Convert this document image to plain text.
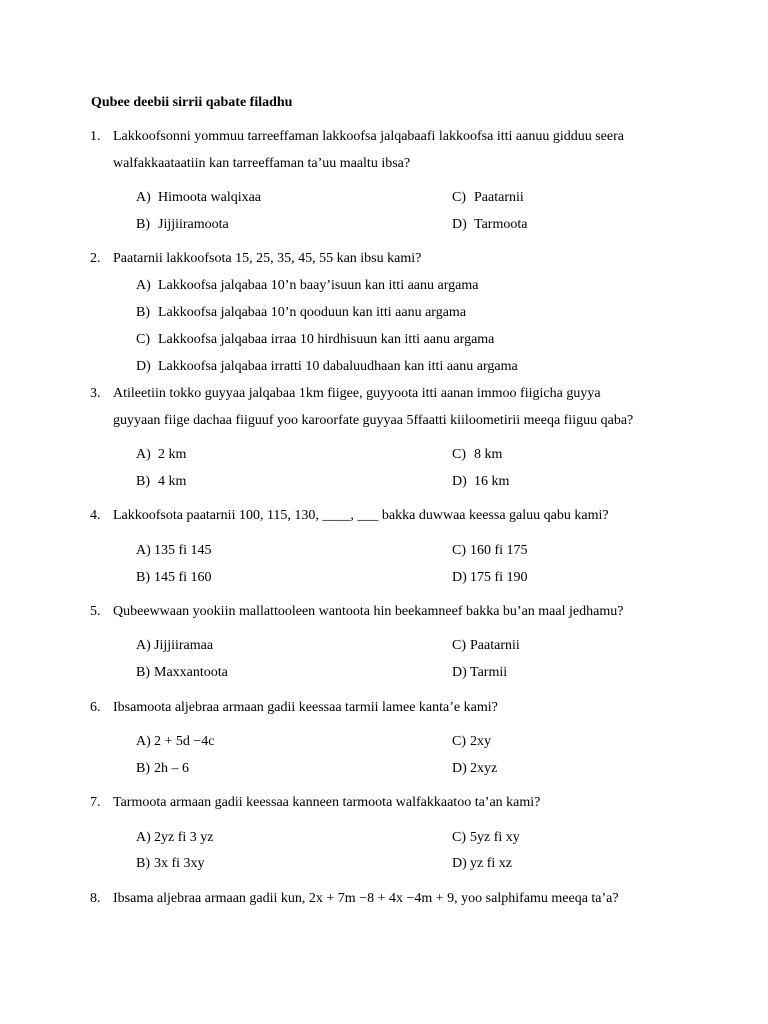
Qubee deebii sirrii qabate filadhu
1. Lakkoofsonni yommuu tarreeffaman lakkoofsa jalqabaafi lakkoofsa itti aanuu gidduu seera
walfakkaataatiin kan tarreeffaman ta’uu maaltu ibsa?
A) Himoota walqixaa
B) Jijjiiramoota
C) Paatarnii
D) Tarmoota
2. Paatarnii lakkoofsota 15, 25, 35, 45, 55 kan ibsu kami?
A) Lakkoofsa jalqabaa 10’n baay’isuun kan itti aanu argama
B) Lakkoofsa jalqabaa 10’n qooduun kan itti aanu argama
C) Lakkoofsa jalqabaa irraa 10 hirdhisuun kan itti aanu argama
D) Lakkoofsa jalqabaa irratti 10 dabaluudhaan kan itti aanu argama
3. Atileetiin tokko guyyaa jalqabaa 1km fiigee, guyyoota itti aanan immoo fiigicha guyya
guyyaan fiige dachaa fiiguuf yoo karoorfate guyyaa 5ffaatti kiiloometirii meeqa fiiguu qaba?
A) 2 km
B) 4 km
C) 8 km
D) 16 km
4. Lakkoofsota paatarnii 100, 115, 130, ____, ___ bakka duwwaa keessa galuu qabu kami?
A) 135 fi 145
B) 145 fi 160
C) 160 fi 175
D) 175 fi 190
5. Qubeewwaan yookiin mallattooleen wantoota hin beekamneef bakka bu’an maal jedhamu?
A) Jijjiiramaa
B) Maxxantoota
C) Paatarnii
D) Tarmii
6. Ibsamoota aljebraa armaan gadii keessaa tarmii lamee kanta’e kami?
A) 2 + 5d −4c
B) 2h – 6
C) 2xy
D) 2xyz
7. Tarmoota armaan gadii keessaa kanneen tarmoota walfakkaatoo ta’an kami?
A) 2yz fi 3 yz
B) 3x fi 3xy
C) 5yz fi xy
D) yz fi xz
8. Ibsama aljebraa armaan gadii kun, 2x + 7m −8 + 4x −4m + 9, yoo salphifamu meeqa ta’a?
